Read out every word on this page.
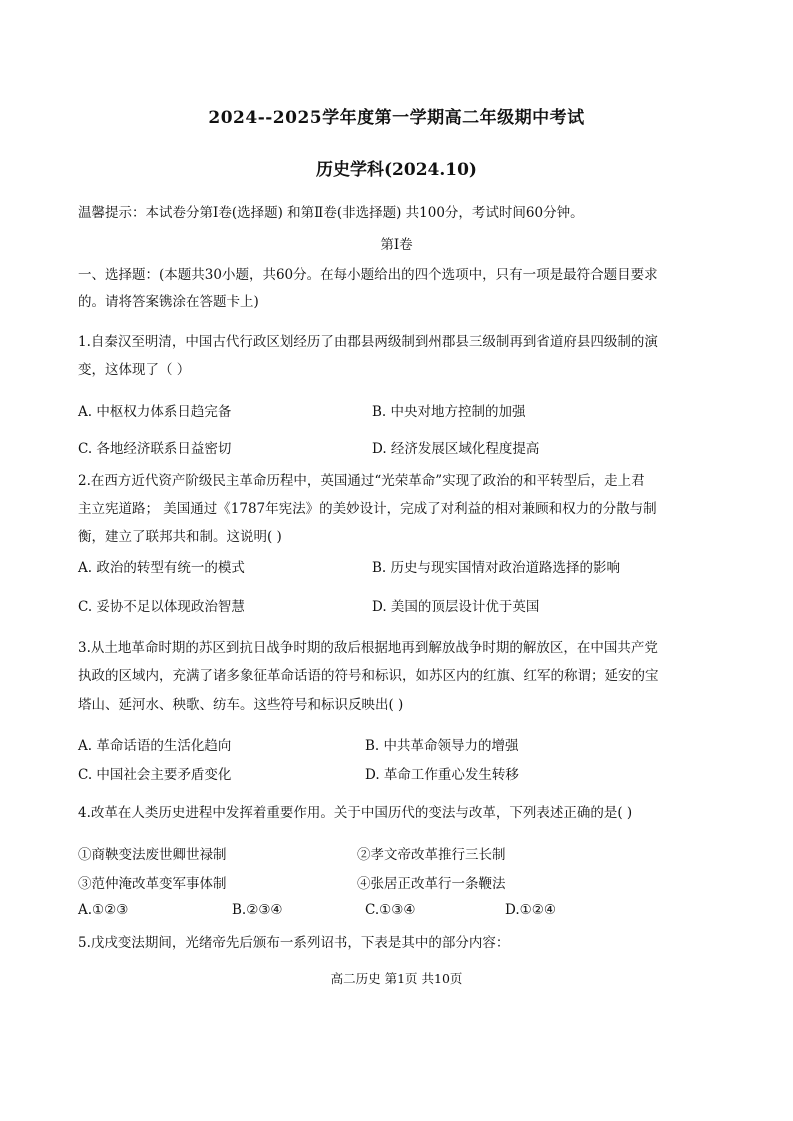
2024--2025学年度第一学期高二年级期中考试
历史学科(2024.10)
温馨提示：本试卷分第Ⅰ卷(选择题) 和第Ⅱ卷(非选择题) 共100分，考试时间60分钟。
第Ⅰ卷
一、选择题：(本题共30小题，共60分。在每小题给出的四个选项中，只有一项是最符合题目要求
的。请将答案镌涂在答题卡上)
1.自秦汉至明清，中国古代行政区划经历了由郡县两级制到州郡县三级制再到省道府县四级制的演
变，这体现了（ ）
A. 中枢权力体系日趋完备	B. 中央对地方控制的加强
C. 各地经济联系日益密切	D. 经济发展区域化程度提高
2.在西方近代资产阶级民主革命历程中，英国通过“光荣革命”实现了政治的和平转型后，走上君
主立宪道路； 美国通过《1787年宪法》的美妙设计，完成了对利益的相对兼顾和权力的分散与制
衡，建立了联邦共和制。这说明( )
A. 政治的转型有统一的模式	B. 历史与现实国情对政治道路选择的影响
C. 妥协不足以体现政治智慧	D. 美国的顶层设计优于英国
3.从土地革命时期的苏区到抗日战争时期的敌后根据地再到解放战争时期的解放区，在中国共产党
执政的区域内，充满了诸多象征革命话语的符号和标识，如苏区内的红旗、红军的称谓；延安的宝
塔山、延河水、秧歌、纺车。这些符号和标识反映出( )
A. 革命话语的生活化趋向	B. 中共革命领导力的增强
C. 中国社会主要矛盾变化	D. 革命工作重心发生转移
4.改革在人类历史进程中发挥着重要作用。关于中国历代的变法与改革，下列表述正确的是( )
①商鞅变法废世卿世禄制	②孝文帝改革推行三长制
③范仲淹改革变军事体制	④张居正改革行一条鞭法
A.①②③	B.②③④	C.①③④	D.①②④
5.戊戌变法期间，光绪帝先后颁布一系列诏书，下表是其中的部分内容：
高二历史 第1页 共10页
